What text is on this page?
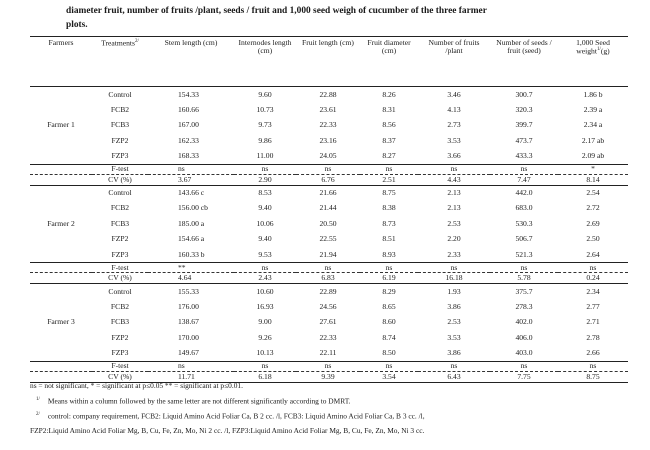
diameter fruit, number of fruits /plant, seeds / fruit and 1,000 seed weigh of cucumber of the three farmer
plots.
Farmers	Treatments$^{2/}$	Stem length (cm)	Internodes length (cm)	Fruit length (cm)	Fruit diameter (cm)	Number of fruits /plant	Number of seeds / fruit (seed)	1,000 Seed weight$^{1/}$(g)
Farmer 1	Control	154.33	9.60	22.88	8.26	3.46	300.7	1.86 b
	FCB2	160.66	10.73	23.61	8.31	4.13	320.3	2.39 a
	FCB3	167.00	9.73	22.33	8.56	2.73	399.7	2.34 a
	FZP2	162.33	9.86	23.16	8.37	3.53	473.7	2.17 ab
	FZP3	168.33	11.00	24.05	8.27	3.66	433.3	2.09 ab
	F-test	ns	ns	ns	ns	ns	ns	*
	CV (%)	3.67	2.90	6.76	2.51	4.43	7.47	8.14
Farmer 2	Control	143.66 c	8.53	21.66	8.75	2.13	442.0	2.54
	FCB2	156.00 cb	9.40	21.44	8.38	2.13	683.0	2.72
	FCB3	185.00 a	10.06	20.50	8.73	2.53	530.3	2.69
	FZP2	154.66 a	9.40	22.55	8.51	2.20	506.7	2.50
	FZP3	160.33 b	9.53	21.94	8.93	2.33	521.3	2.64
	F-test	**	ns	ns	ns	ns	ns	ns
	CV (%)	4.64	2.43	6.83	6.19	16.18	5.78	0.24
Farmer 3	Control	155.33	10.60	22.89	8.29	1.93	375.7	2.34
	FCB2	176.00	16.93	24.56	8.65	3.86	278.3	2.77
	FCB3	138.67	9.00	27.61	8.60	2.53	402.0	2.71
	FZP2	170.00	9.26	22.33	8.74	3.53	406.0	2.78
	FZP3	149.67	10.13	22.11	8.50	3.86	403.0	2.66
	F-test	ns	ns	ns	ns	ns	ns	ns
	CV (%)	11.71	6.18	9.39	3.54	6.43	7.75	8.75
ns = not significant, * = significant at p≤0.05 ** = significant at p≤0.01.
$^{1/}$ Means within a column followed by the same letter are not different significantly according to DMRT.
$^{2/}$ control: company requirement, FCB2: Liquid Amino Acid Foliar Ca, B 2 cc. /l, FCB3: Liquid Amino Acid Foliar Ca, B 3 cc. /l,
FZP2:Liquid Amino Acid Foliar Mg, B, Cu, Fe, Zn, Mo, Ni 2 cc. /l, FZP3:Liquid Amino Acid Foliar Mg, B, Cu, Fe, Zn, Mo, Ni 3 cc.
